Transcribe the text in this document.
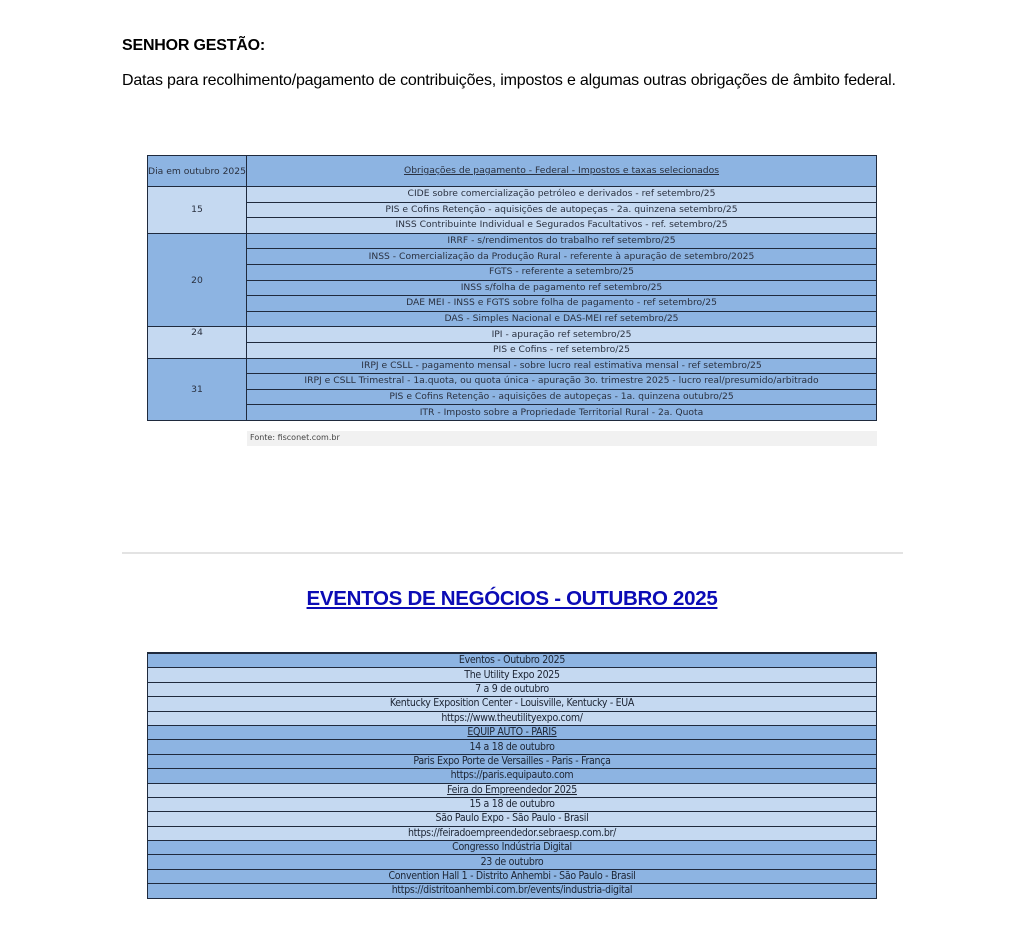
SENHOR GESTÃO:
Datas para recolhimento/pagamento de contribuições, impostos e algumas outras obrigações de âmbito federal.
Dia em outubro 2025	Obrigações de pagamento - Federal - Impostos e taxas selecionados
15	CIDE sobre comercialização petróleo e derivados - ref setembro/25
	PIS e Cofins Retenção - aquisições de autopeças - 2a. quinzena setembro/25
	INSS Contribuinte Individual e Segurados Facultativos - ref. setembro/25
20	IRRF - s/rendimentos do trabalho ref setembro/25
	INSS - Comercialização da Produção Rural - referente à apuração de setembro/2025
	FGTS - referente a setembro/25
	INSS s/folha de pagamento ref setembro/25
	DAE MEI - INSS e FGTS sobre folha de pagamento - ref setembro/25
	DAS - Simples Nacional e DAS-MEI ref setembro/25
24	IPI - apuração ref setembro/25
	PIS e Cofins - ref setembro/25
31	IRPJ e CSLL - pagamento mensal - sobre lucro real estimativa mensal - ref setembro/25
	IRPJ e CSLL Trimestral - 1a.quota, ou quota única - apuração 3o. trimestre 2025 - lucro real/presumido/arbitrado
	PIS e Cofins Retenção - aquisições de autopeças - 1a. quinzena outubro/25
	ITR - Imposto sobre a Propriedade Territorial Rural - 2a. Quota
Fonte: fisconet.com.br
EVENTOS DE NEGÓCIOS - OUTUBRO 2025
Eventos - Outubro 2025
The Utility Expo 2025
7 a 9 de outubro
Kentucky Exposition Center - Louisville, Kentucky - EUA
https://www.theutilityexpo.com/
EQUIP AUTO - PARIS
14 a 18 de outubro
Paris Expo Porte de Versailles - Paris - França
https://paris.equipauto.com
Feira do Empreendedor 2025
15 a 18 de outubro
São Paulo Expo - São Paulo - Brasil
https://feiradoempreendedor.sebraesp.com.br/
Congresso Indústria Digital
23 de outubro
Convention Hall 1 - Distrito Anhembi - São Paulo - Brasil
https://distritoanhembi.com.br/events/industria-digital
